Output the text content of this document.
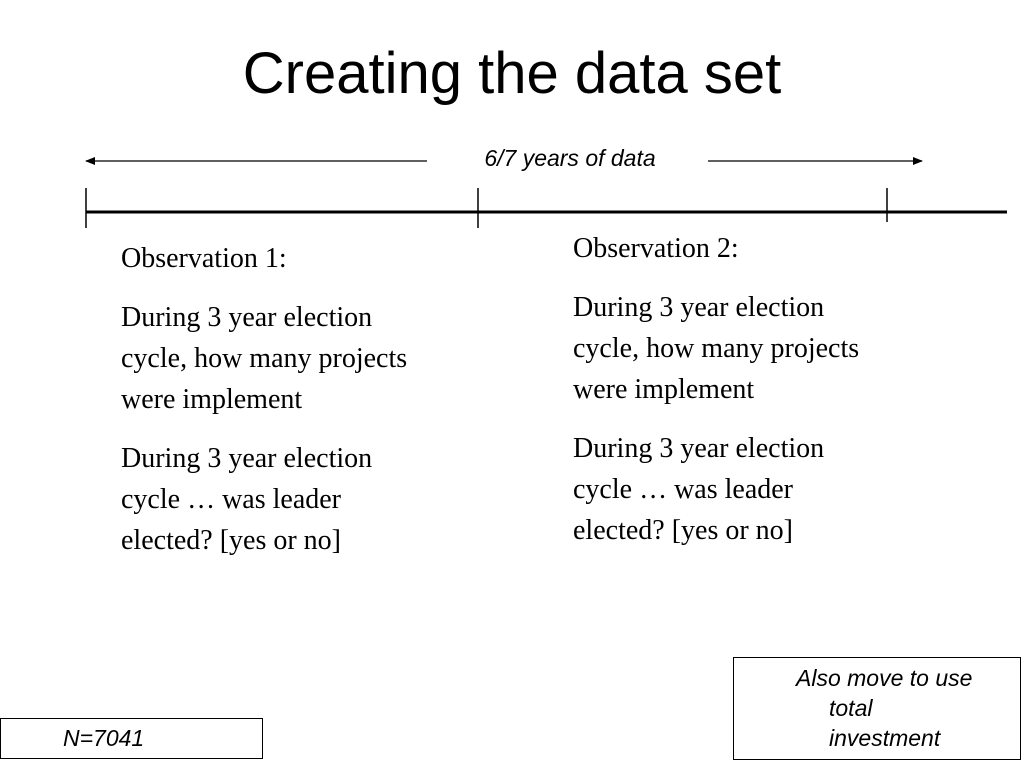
Creating the data set
6/7 years of data

Observation 1:

During 3 year election cycle, how many projects were implement

During 3 year election cycle … was leader elected? [yes or no]

Observation 2:

During 3 year election cycle, how many projects were implement

During 3 year election cycle … was leader elected? [yes or no]

N=7041
Also move to use
total
investment
